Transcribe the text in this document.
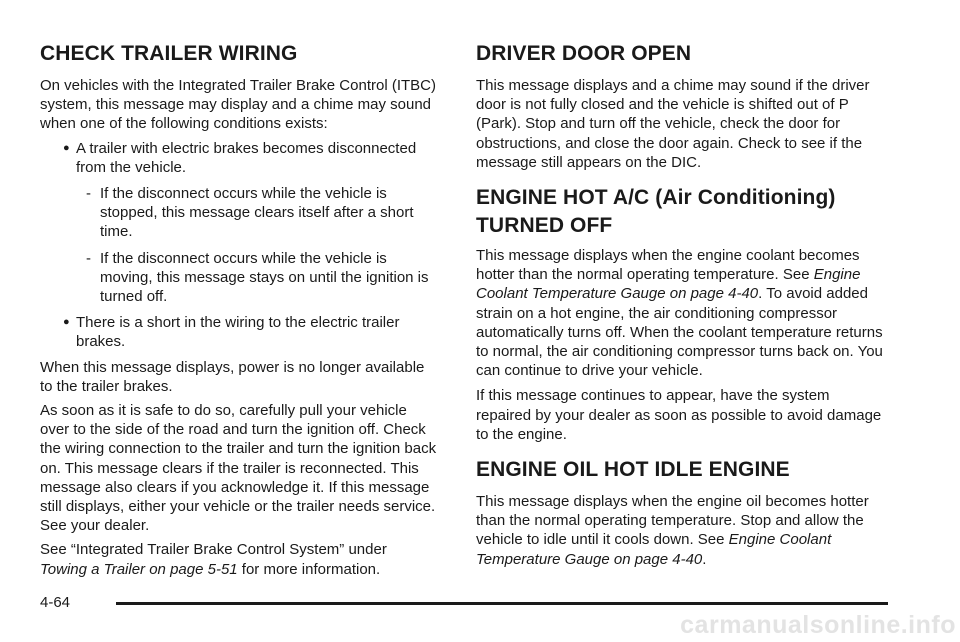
CHECK TRAILER WIRING

On vehicles with the Integrated Trailer Brake Control (ITBC) system, this message may display and a chime may sound when one of the following conditions exists:

● A trailer with electric brakes becomes disconnected from the vehicle.
- If the disconnect occurs while the vehicle is stopped, this message clears itself after a short time.
- If the disconnect occurs while the vehicle is moving, this message stays on until the ignition is turned off.
● There is a short in the wiring to the electric trailer brakes.

When this message displays, power is no longer available to the trailer brakes.

As soon as it is safe to do so, carefully pull your vehicle over to the side of the road and turn the ignition off. Check the wiring connection to the trailer and turn the ignition back on. This message clears if the trailer is reconnected. This message also clears if you acknowledge it. If this message still displays, either your vehicle or the trailer needs service. See your dealer.

See “Integrated Trailer Brake Control System” under
Towing a Trailer on page 5-51 for more information.

DRIVER DOOR OPEN

This message displays and a chime may sound if the driver door is not fully closed and the vehicle is shifted out of P (Park). Stop and turn off the vehicle, check the door for obstructions, and close the door again. Check to see if the message still appears on the DIC.

ENGINE HOT A/C (Air Conditioning) TURNED OFF

This message displays when the engine coolant becomes hotter than the normal operating temperature. See Engine Coolant Temperature Gauge on page 4-40. To avoid added strain on a hot engine, the air conditioning compressor automatically turns off. When the coolant temperature returns to normal, the air conditioning compressor turns back on. You can continue to drive your vehicle.

If this message continues to appear, have the system repaired by your dealer as soon as possible to avoid damage to the engine.

ENGINE OIL HOT IDLE ENGINE

This message displays when the engine oil becomes hotter than the normal operating temperature. Stop and allow the vehicle to idle until it cools down. See Engine Coolant Temperature Gauge on page 4-40.

4-64
carmanualsonline.info
